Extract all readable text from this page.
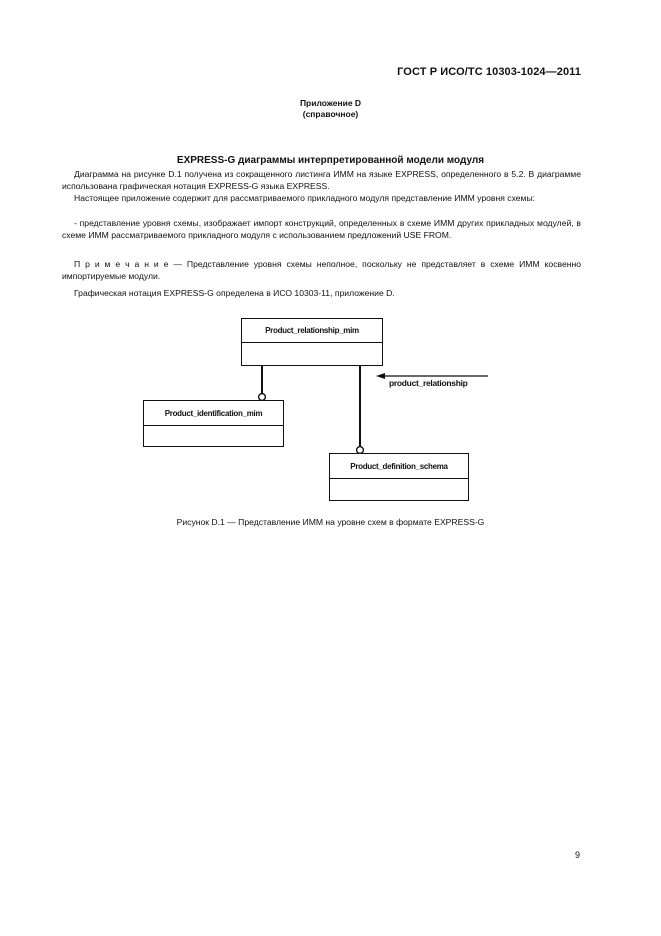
ГОСТ Р ИСО/ТС 10303-1024—2011
Приложение D
(справочное)
EXPRESS-G диаграммы интерпретированной модели модуля
Диаграмма на рисунке D.1 получена из сокращенного листинга ИММ на языке EXPRESS, определенного в 5.2. В диаграмме использована графическая нотация EXPRESS-G языка EXPRESS.
Настоящее приложение содержит для рассматриваемого прикладного модуля представление ИММ уровня схемы:
- представление уровня схемы, изображает импорт конструкций, определенных в схеме ИММ других прикладных модулей, в схеме ИММ рассматриваемого прикладного модуля с использованием предложений USE FROM.
П р и м е ч а н и е — Представление уровня схемы неполное, поскольку не представляет в схеме ИММ косвенно импортируемые модули.
Графическая нотация EXPRESS-G определена в ИСО 10303-11, приложение D.
Product_relationship_mim
Product_identification_mim
Product_definition_schema
product_relationship
Рисунок D.1 — Представление ИММ на уровне схем в формате EXPRESS-G
9
